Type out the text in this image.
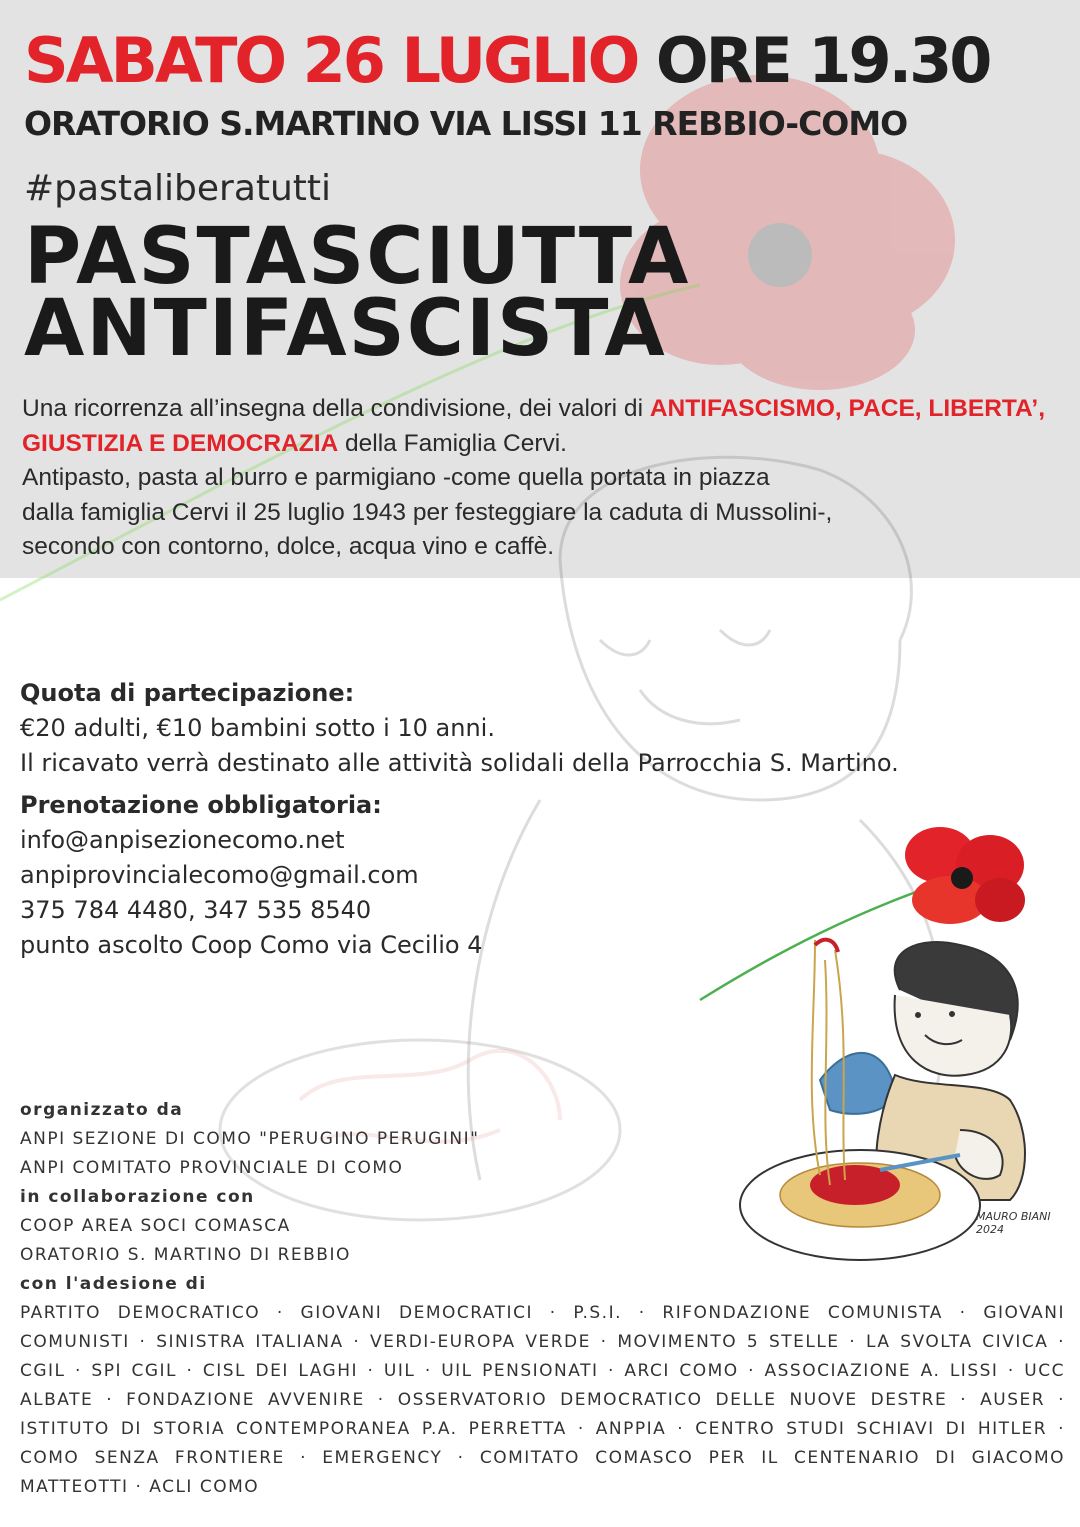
SABATO 26 LUGLIO ORE 19.30
ORATORIO S.MARTINO VIA LISSI 11 REBBIO-COMO
#pastaliberatutti
PASTASCIUTTA
ANTIFASCISTA
Una ricorrenza all’insegna della condivisione, dei valori di ANTIFASCISMO, PACE, LIBERTA’, GIUSTIZIA E DEMOCRAZIA della Famiglia Cervi.
Antipasto, pasta al burro e parmigiano -come quella portata in piazza
dalla famiglia Cervi il 25 luglio 1943 per festeggiare la caduta di Mussolini-,
secondo con contorno, dolce, acqua vino e caffè.
Quota di partecipazione:
€20 adulti, €10 bambini sotto i 10 anni.
Il ricavato verrà destinato alle attività solidali della Parrocchia S. Martino.
Prenotazione obbligatoria:
info@anpisezionecomo.net
anpiprovincialecomo@gmail.com
375 784 4480, 347 535 8540
punto ascolto Coop Como via Cecilio 4
MAURO BIANI 2024
organizzato da
ANPI SEZIONE DI COMO "PERUGINO PERUGINI"
ANPI COMITATO PROVINCIALE DI COMO
in collaborazione con
COOP AREA SOCI COMASCA
ORATORIO S. MARTINO DI REBBIO
con l'adesione di
PARTITO DEMOCRATICO · GIOVANI DEMOCRATICI · P.S.I. · RIFONDAZIONE COMUNISTA · GIOVANI COMUNISTI · SINISTRA ITALIANA · VERDI-EUROPA VERDE · MOVIMENTO 5 STELLE · LA SVOLTA CIVICA · CGIL · SPI CGIL · CISL DEI LAGHI · UIL · UIL PENSIONATI · ARCI COMO · ASSOCIAZIONE A. LISSI · UCC ALBATE · FONDAZIONE AVVENIRE · OSSERVATORIO DEMOCRATICO DELLE NUOVE DESTRE · AUSER · ISTITUTO DI STORIA CONTEMPORANEA P.A. PERRETTA · ANPPIA · CENTRO STUDI SCHIAVI DI HITLER · COMO SENZA FRONTIERE · EMERGENCY · COMITATO COMASCO PER IL CENTENARIO DI GIACOMO MATTEOTTI · ACLI COMO
